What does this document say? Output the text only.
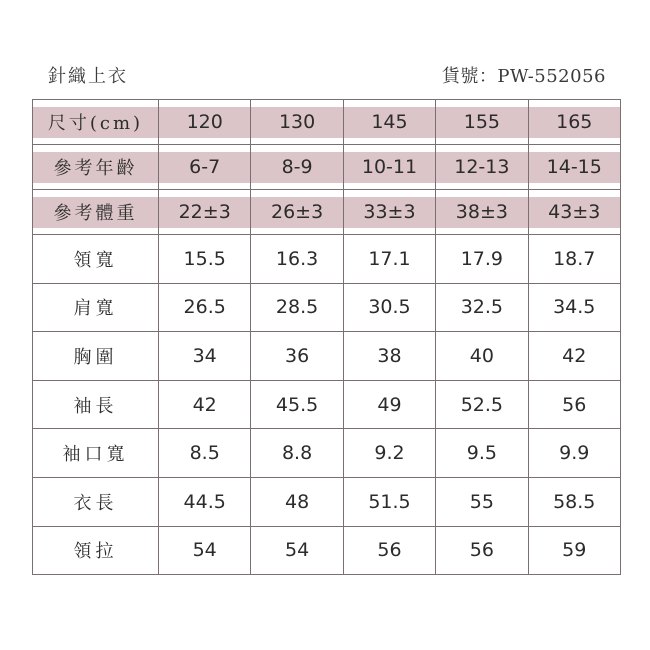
針織上衣	貨號：PW-552056
尺寸(cm)	120	130	145	155	165

參考年齡	6-7	8-9	10-11	12-13	14-15

參考體重	22±3	26±3	33±3	38±3	43±3

領寬	15.5	16.3	17.1	17.9	18.7
肩寬	26.5	28.5	30.5	32.5	34.5
胸圍	34	36	38	40	42
袖長	42	45.5	49	52.5	56
袖口寬	8.5	8.8	9.2	9.5	9.9
衣長	44.5	48	51.5	55	58.5
領拉	54	54	56	56	59
